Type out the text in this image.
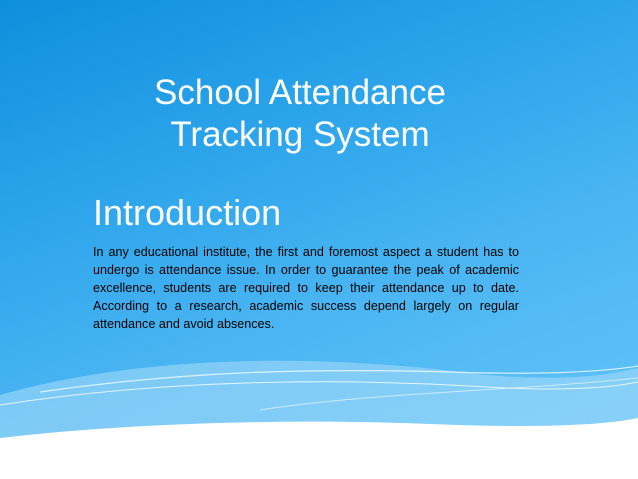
School Attendance Tracking System
Introduction
In any educational institute, the first and foremost aspect a student has to undergo is attendance issue. In order to guarantee the peak of academic excellence, students are required to keep their attendance up to date. According to a research, academic success depend largely on regular attendance and avoid absences.
